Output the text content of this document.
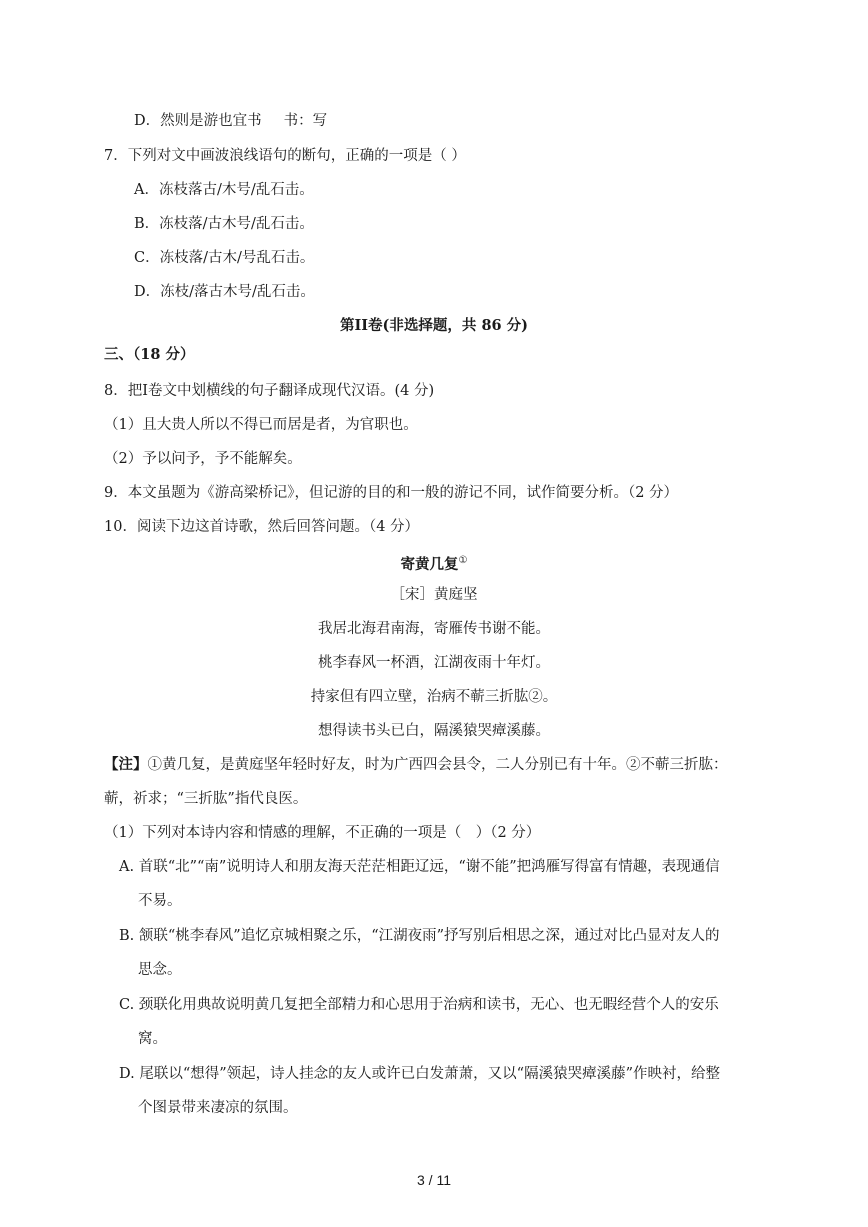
D．然则是游也宜书 书：写
7．下列对文中画波浪线语句的断句，正确的一项是（ ）
A．冻枝落古/木号/乱石击。
B．冻枝落/古木号/乱石击。
C．冻枝落/古木/号乱石击。
D．冻枝/落古木号/乱石击。
第II卷(非选择题，共 86 分)
三、（18 分）
8．把I卷文中划横线的句子翻译成现代汉语。(4 分)
（1）且大贵人所以不得已而居是者，为官职也。
（2）予以问予，予不能解矣。
9．本文虽题为《游高梁桥记》，但记游的目的和一般的游记不同，试作简要分析。（2 分）
10．阅读下边这首诗歌，然后回答问题。（4 分）
寄黄几复①
［宋］黄庭坚
我居北海君南海，寄雁传书谢不能。
桃李春风一杯酒，江湖夜雨十年灯。
持家但有四立壁，治病不蕲三折肱②。
想得读书头已白，隔溪猿哭瘴溪藤。
【注】①黄几复，是黄庭坚年轻时好友，时为广西四会县令，二人分别已有十年。②不蕲三折肱：
蕲，祈求；“三折肱”指代良医。
（1）下列对本诗内容和情感的理解，不正确的一项是（　）（2 分）
A. 首联“北”“南”说明诗人和朋友海天茫茫相距辽远，“谢不能”把鸿雁写得富有情趣，表现通信
不易。
B. 颔联“桃李春风”追忆京城相聚之乐，“江湖夜雨”抒写别后相思之深，通过对比凸显对友人的
思念。
C. 颈联化用典故说明黄几复把全部精力和心思用于治病和读书，无心、也无暇经营个人的安乐
窝。
D. 尾联以“想得”领起，诗人挂念的友人或许已白发萧萧，又以“隔溪猿哭瘴溪藤”作映衬，给整
个图景带来凄凉的氛围。
3 / 11
